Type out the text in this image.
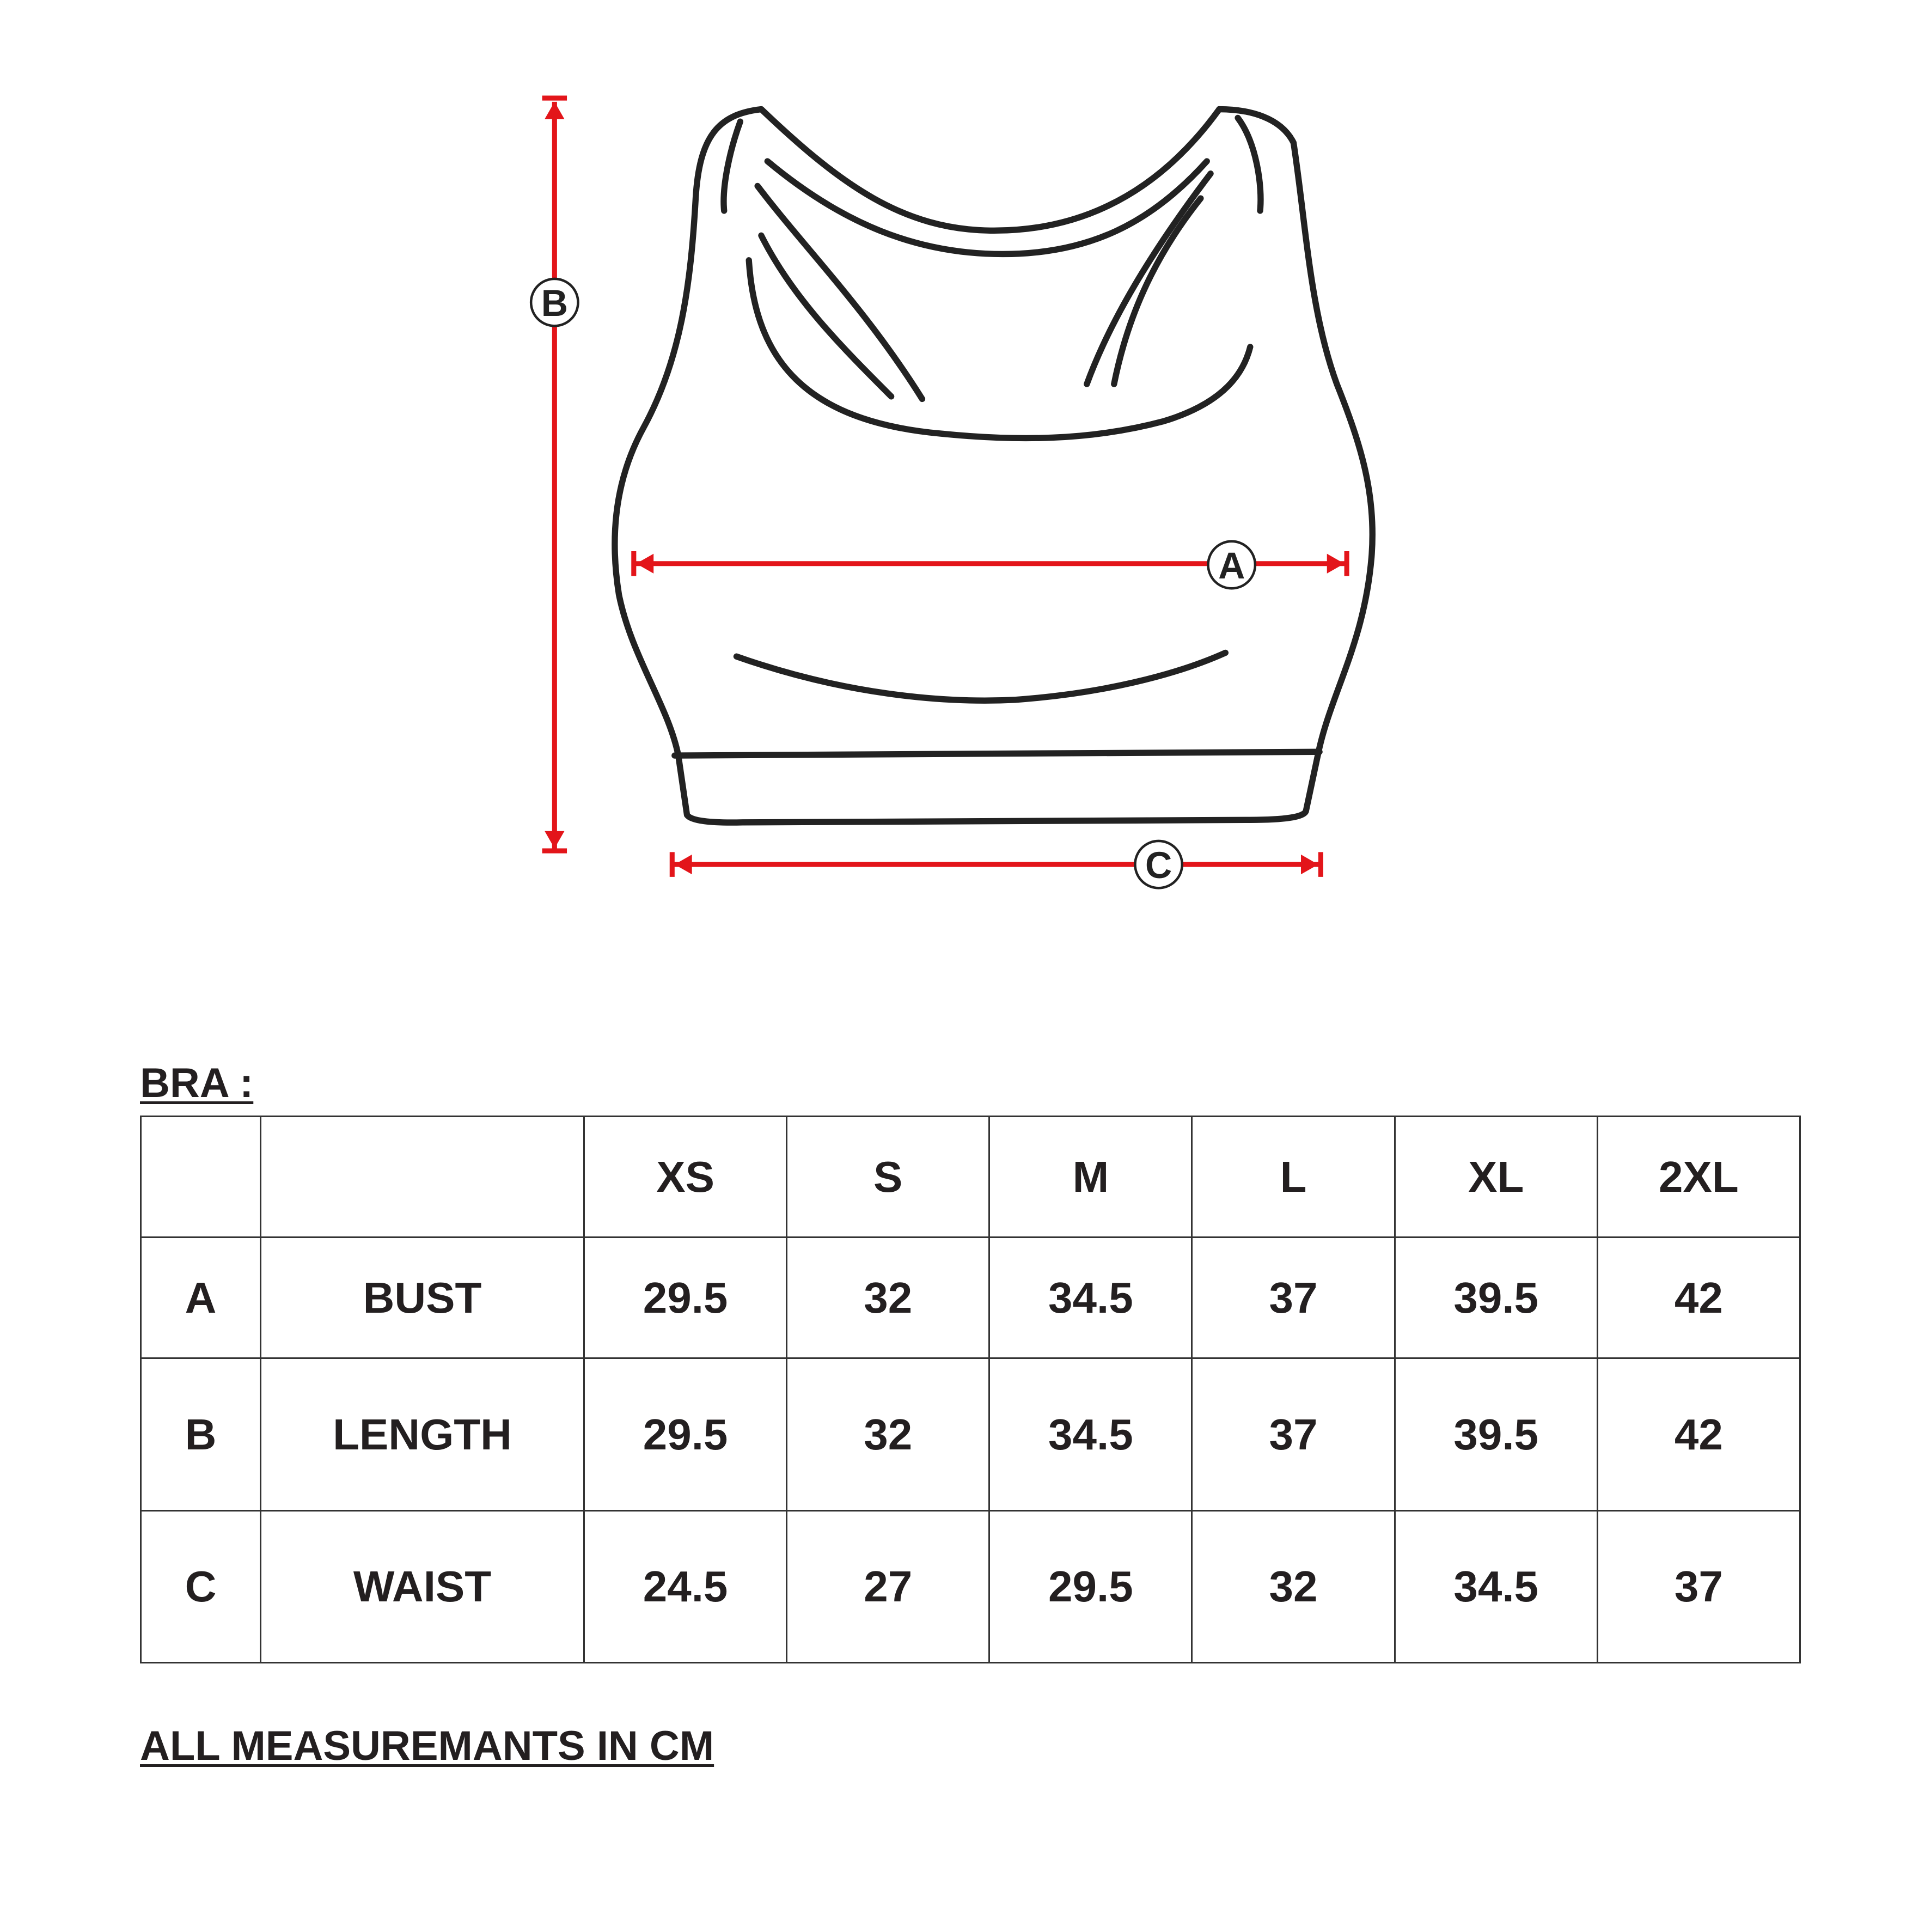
B
A
C
BRA :
		XS	S	M	L	XL	2XL
A	BUST	29.5	32	34.5	37	39.5	42
B	LENGTH	29.5	32	34.5	37	39.5	42
C	WAIST	24.5	27	29.5	32	34.5	37
ALL MEASUREMANTS IN CM
